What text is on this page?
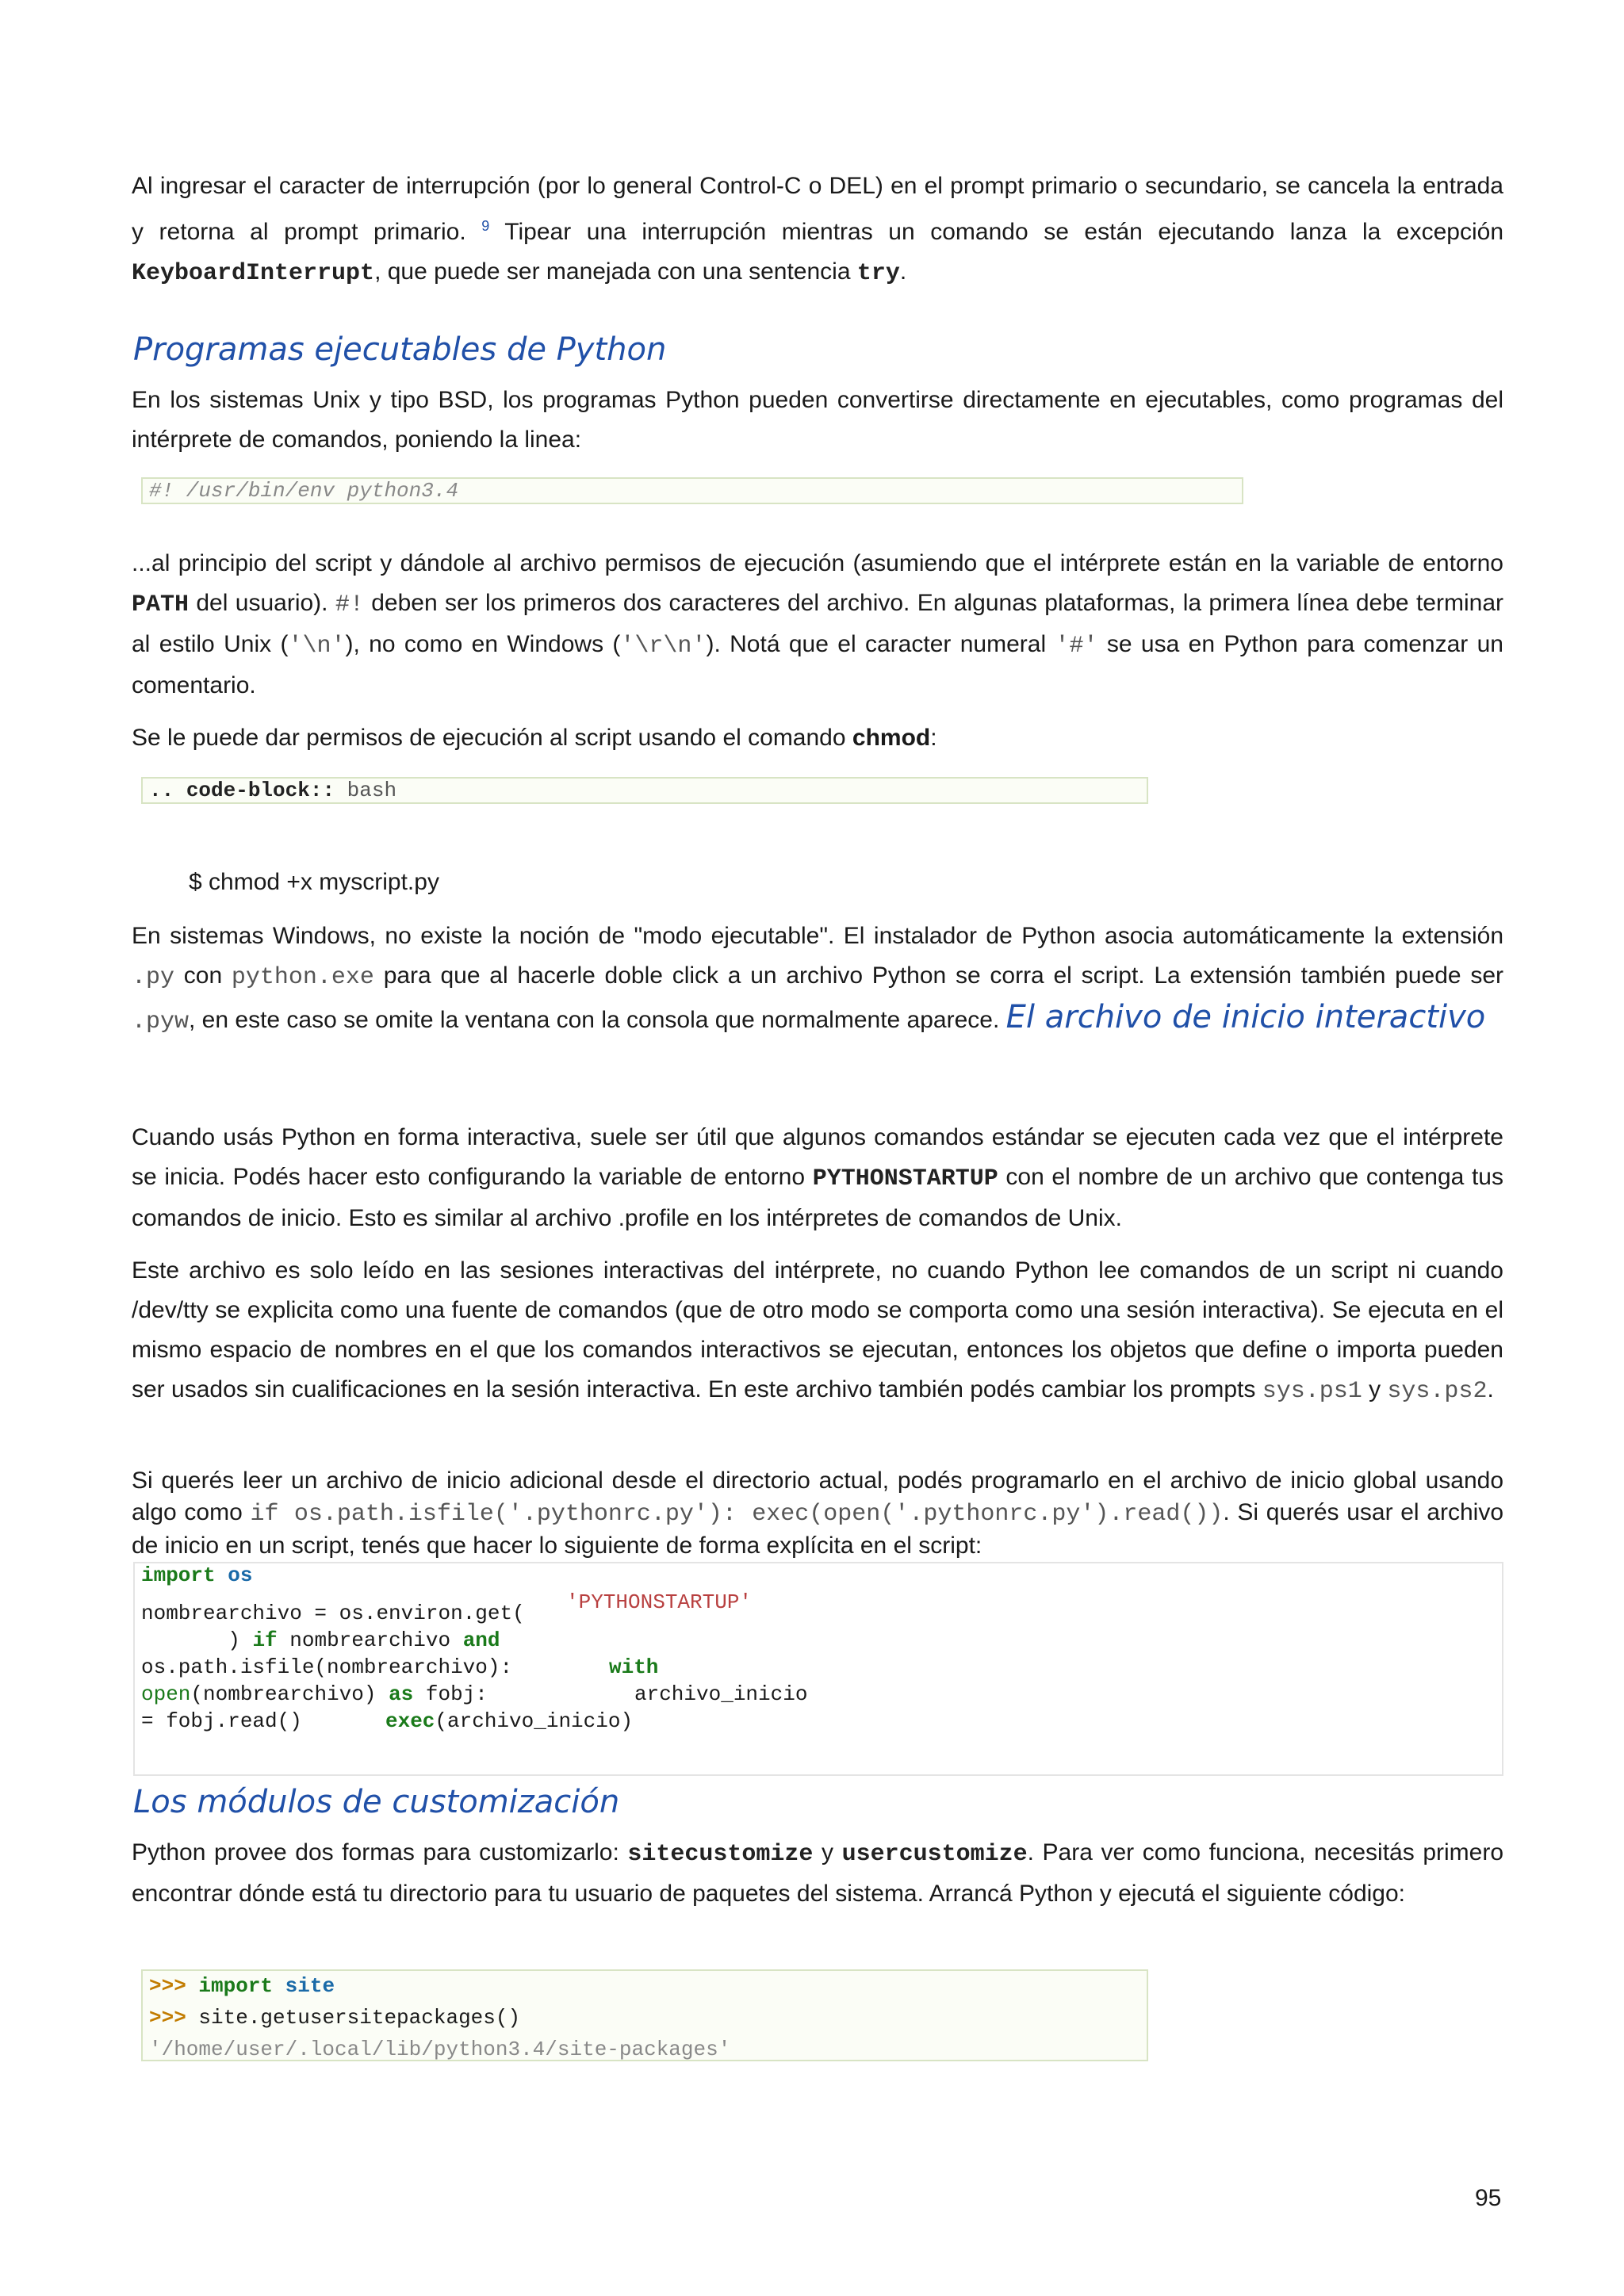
Al ingresar el caracter de interrupción (por lo general Control-C o DEL) en el prompt primario o secundario, se cancela la entrada y retorna al prompt primario. $^9$ Tipear una interrupción mientras un comando se están ejecutando lanza la excepción KeyboardInterrupt, que puede ser manejada con una sentencia try.

Programas ejecutables de Python

En los sistemas Unix y tipo BSD, los programas Python pueden convertirse directamente en ejecutables, como programas del intérprete de comandos, poniendo la linea:

#! /usr/bin/env python3.4

...al principio del script y dándole al archivo permisos de ejecución (asumiendo que el intérprete están en la variable de entorno PATH del usuario). #! deben ser los primeros dos caracteres del archivo. En algunas plataformas, la primera línea debe terminar al estilo Unix ('\n'), no como en Windows ('\r\n'). Notá que el caracter numeral '#' se usa en Python para comenzar un comentario.

Se le puede dar permisos de ejecución al script usando el comando chmod:

.. code-block:: bash

$ chmod +x myscript.py

En sistemas Windows, no existe la noción de "modo ejecutable". El instalador de Python asocia automáticamente la extensión .py con python.exe para que al hacerle doble click a un archivo Python se corra el script. La extensión también puede ser .pyw, en este caso se omite la ventana con la consola que normalmente aparece. El archivo de inicio interactivo

Cuando usás Python en forma interactiva, suele ser útil que algunos comandos estándar se ejecuten cada vez que el intérprete se inicia. Podés hacer esto configurando la variable de entorno PYTHONSTARTUP con el nombre de un archivo que contenga tus comandos de inicio. Esto es similar al archivo .profile en los intérpretes de comandos de Unix.

Este archivo es solo leído en las sesiones interactivas del intérprete, no cuando Python lee comandos de un script ni cuando /dev/tty se explicita como una fuente de comandos (que de otro modo se comporta como una sesión interactiva). Se ejecuta en el mismo espacio de nombres en el que los comandos interactivos se ejecutan, entonces los objetos que define o importa pueden ser usados sin cualificaciones en la sesión interactiva. En este archivo también podés cambiar los prompts sys.ps1 y sys.ps2.

Si querés leer un archivo de inicio adicional desde el directorio actual, podés programarlo en el archivo de inicio global usando algo como if os.path.isfile('.pythonrc.py'): exec(open('.pythonrc.py').read()). Si querés usar el archivo de inicio en un script, tenés que hacer lo siguiente de forma explícita en el script:

import os

'PYTHONSTARTUP'

nombrearchivo = os.environ.get(

) if nombrearchivo and

os.path.isfile(nombrearchivo):

	with

open(nombrearchivo) as fobj:

	archivo_inicio

= fobj.read()

	exec(archivo_inicio)

Los módulos de customización

Python provee dos formas para customizarlo: sitecustomize y usercustomize. Para ver como funciona, necesitás primero encontrar dónde está tu directorio para tu usuario de paquetes del sistema. Arrancá Python y ejecutá el siguiente código:

>>> import site

>>> site.getusersitepackages()

'/home/user/.local/lib/python3.4/site-packages'

95
